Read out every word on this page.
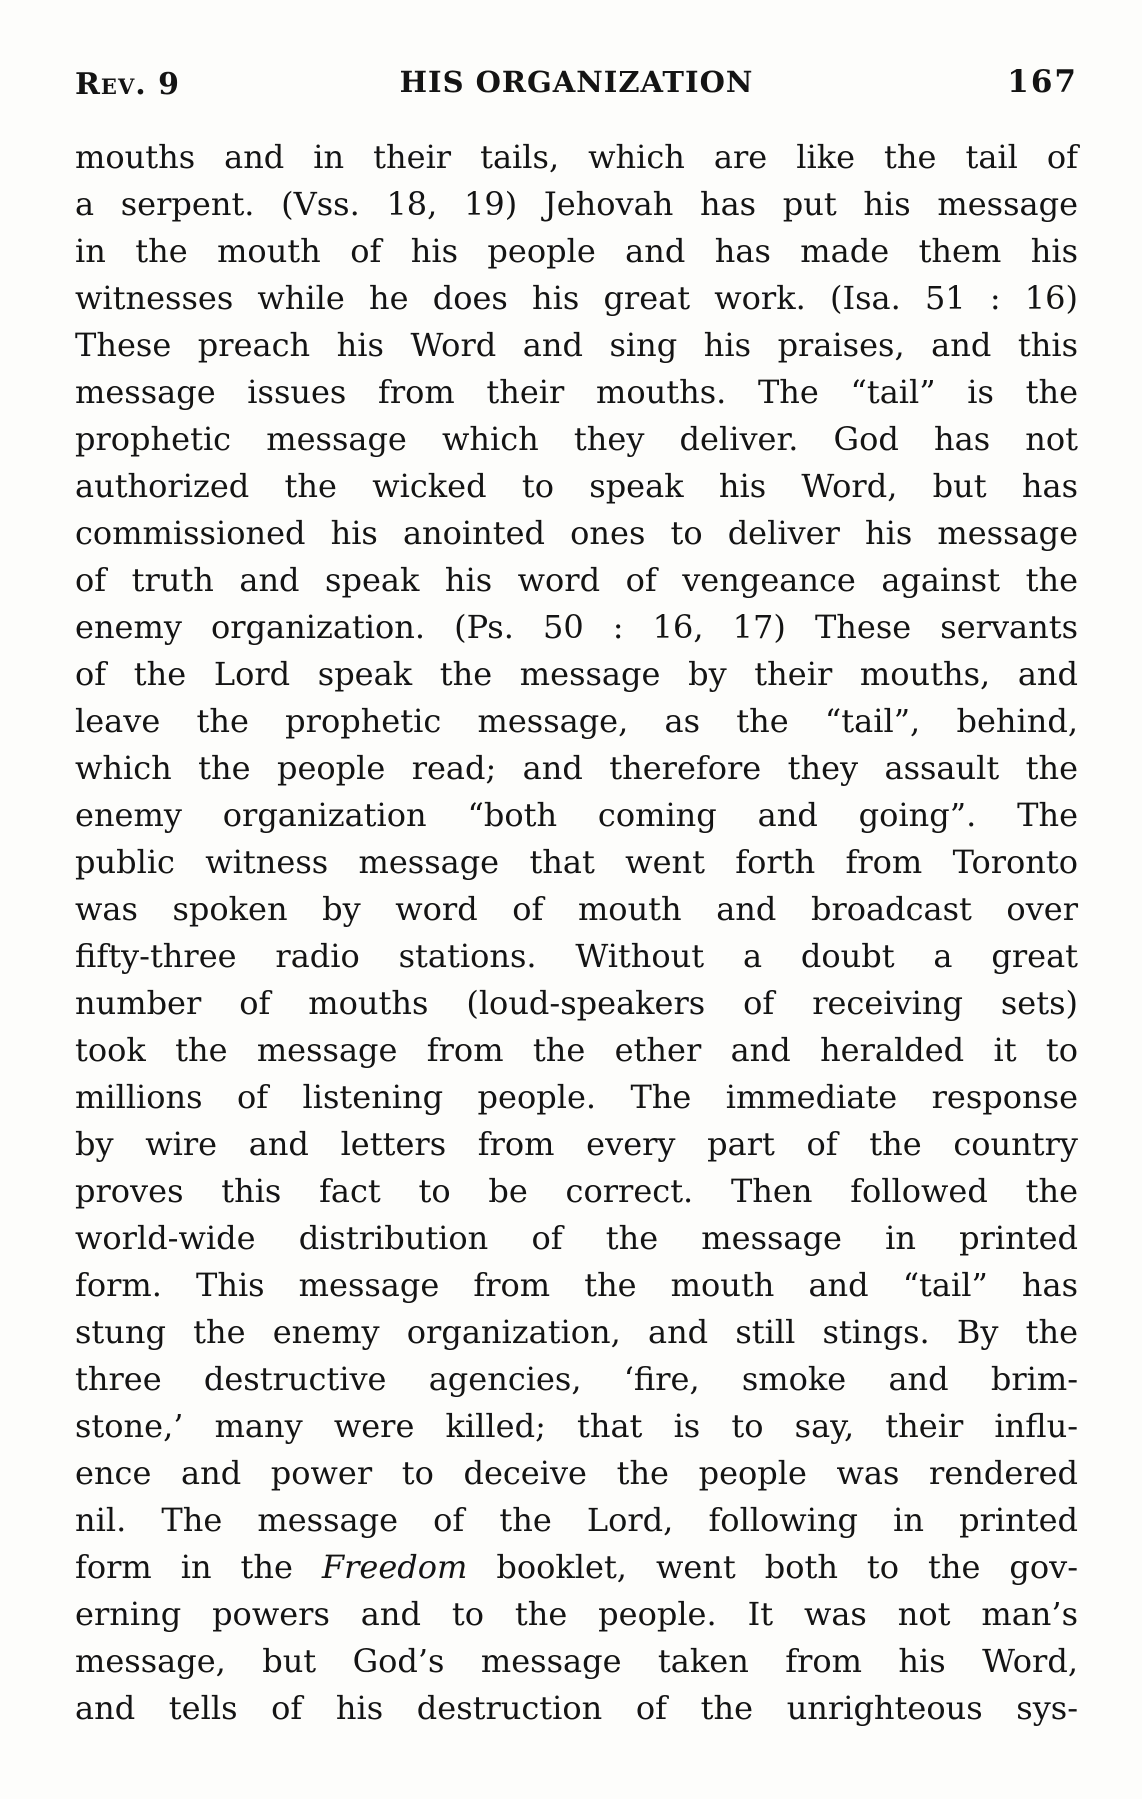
Rev. 9	HIS ORGANIZATION	167
mouths and in their tails, which are like the tail of
a serpent. (Vss. 18, 19) Jehovah has put his message
in the mouth of his people and has made them his
witnesses while he does his great work. (Isa. 51 : 16)
These preach his Word and sing his praises, and this
message issues from their mouths. The “tail” is the
prophetic message which they deliver. God has not
authorized the wicked to speak his Word, but has
commissioned his anointed ones to deliver his message
of truth and speak his word of vengeance against the
enemy organization. (Ps. 50 : 16, 17) These servants
of the Lord speak the message by their mouths, and
leave the prophetic message, as the “tail”, behind,
which the people read; and therefore they assault the
enemy organization “both coming and going”. The
public witness message that went forth from Toronto
was spoken by word of mouth and broadcast over
fifty-three radio stations. Without a doubt a great
number of mouths (loud-speakers of receiving sets)
took the message from the ether and heralded it to
millions of listening people. The immediate response
by wire and letters from every part of the country
proves this fact to be correct. Then followed the
world-wide distribution of the message in printed
form. This message from the mouth and “tail” has
stung the enemy organization, and still stings. By the
three destructive agencies, ‘fire, smoke and brim-
stone,’ many were killed; that is to say, their influ-
ence and power to deceive the people was rendered
nil. The message of the Lord, following in printed
form in the Freedom booklet, went both to the gov-
erning powers and to the people. It was not man’s
message, but God’s message taken from his Word,
and tells of his destruction of the unrighteous sys-
